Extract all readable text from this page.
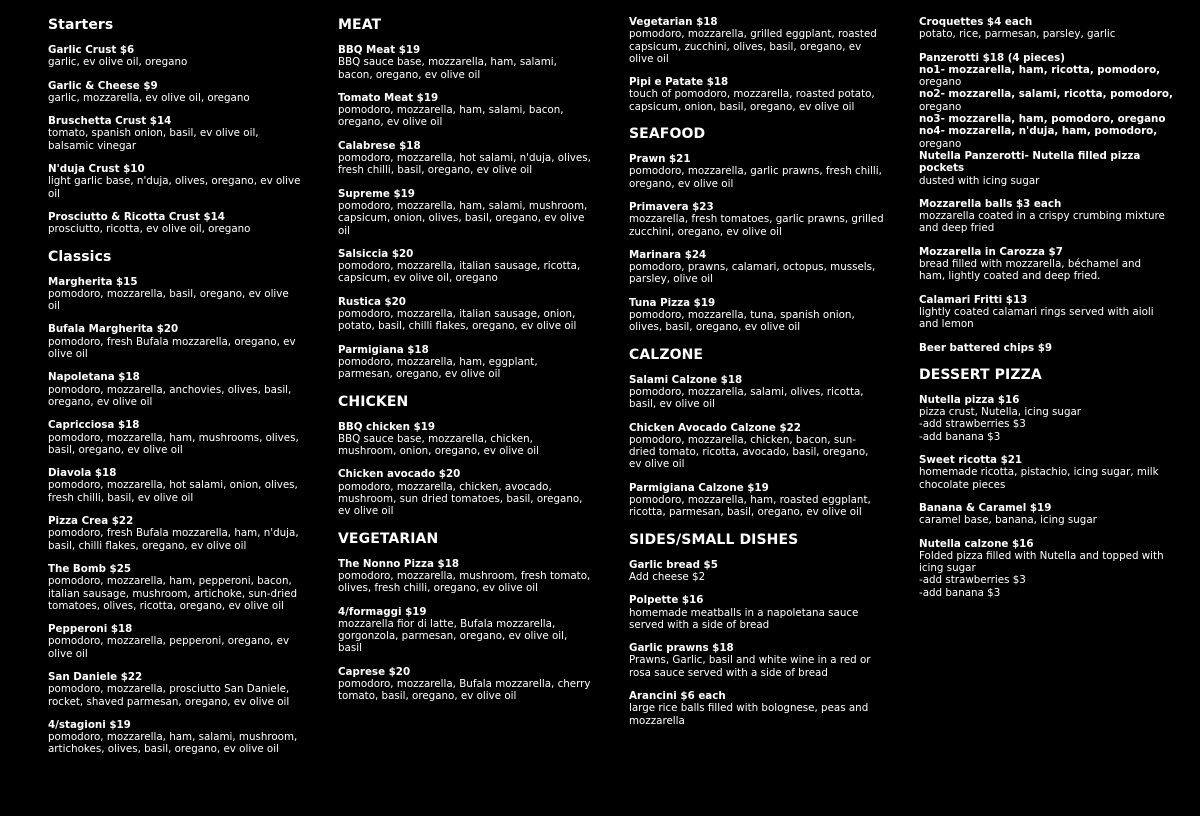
Starters
Garlic Crust $6
garlic, ev olive oil, oregano
Garlic & Cheese $9
garlic, mozzarella, ev olive oil, oregano
Bruschetta Crust $14
tomato, spanish onion, basil, ev olive oil,
balsamic vinegar
N'duja Crust $10
light garlic base, n'duja, olives, oregano, ev olive
oil
Prosciutto & Ricotta Crust $14
prosciutto, ricotta, ev olive oil, oregano
Classics
Margherita $15
pomodoro, mozzarella, basil, oregano, ev olive
oil
Bufala Margherita $20
pomodoro, fresh Bufala mozzarella, oregano, ev
olive oil
Napoletana $18
pomodoro, mozzarella, anchovies, olives, basil,
oregano, ev olive oil
Capricciosa $18
pomodoro, mozzarella, ham, mushrooms, olives,
basil, oregano, ev olive oil
Diavola $18
pomodoro, mozzarella, hot salami, onion, olives,
fresh chilli, basil, ev olive oil
Pizza Crea $22
pomodoro, fresh Bufala mozzarella, ham, n'duja,
basil, chilli flakes, oregano, ev olive oil
The Bomb $25
pomodoro, mozzarella, ham, pepperoni, bacon,
italian sausage, mushroom, artichoke, sun-dried
tomatoes, olives, ricotta, oregano, ev olive oil
Pepperoni $18
pomodoro, mozzarella, pepperoni, oregano, ev
olive oil
San Daniele $22
pomodoro, mozzarella, prosciutto San Daniele,
rocket, shaved parmesan, oregano, ev olive oil
4/stagioni $19
pomodoro, mozzarella, ham, salami, mushroom,
artichokes, olives, basil, oregano, ev olive oil
MEAT
BBQ Meat $19
BBQ sauce base, mozzarella, ham, salami,
bacon, oregano, ev olive oil
Tomato Meat $19
pomodoro, mozzarella, ham, salami, bacon,
oregano, ev olive oil
Calabrese $18
pomodoro, mozzarella, hot salami, n'duja, olives,
fresh chilli, basil, oregano, ev olive oil
Supreme $19
pomodoro, mozzarella, ham, salami, mushroom,
capsicum, onion, olives, basil, oregano, ev olive
oil
Salsiccia $20
pomodoro, mozzarella, italian sausage, ricotta,
capsicum, ev olive oil, oregano
Rustica $20
pomodoro, mozzarella, italian sausage, onion,
potato, basil, chilli flakes, oregano, ev olive oil
Parmigiana $18
pomodoro, mozzarella, ham, eggplant,
parmesan, oregano, ev olive oil
CHICKEN
BBQ chicken $19
BBQ sauce base, mozzarella, chicken,
mushroom, onion, oregano, ev olive oil
Chicken avocado $20
pomodoro, mozzarella, chicken, avocado,
mushroom, sun dried tomatoes, basil, oregano,
ev olive oil
VEGETARIAN
The Nonno Pizza $18
pomodoro, mozzarella, mushroom, fresh tomato,
olives, fresh chilli, oregano, ev olive oil
4/formaggi $19
mozzarella fior di latte, Bufala mozzarella,
gorgonzola, parmesan, oregano, ev olive oil,
basil
Caprese $20
pomodoro, mozzarella, Bufala mozzarella, cherry
tomato, basil, oregano, ev olive oil
Vegetarian $18
pomodoro, mozzarella, grilled eggplant, roasted
capsicum, zucchini, olives, basil, oregano, ev
olive oil
Pipi e Patate $18
touch of pomodoro, mozzarella, roasted potato,
capsicum, onion, basil, oregano, ev olive oil
SEAFOOD
Prawn $21
pomodoro, mozzarella, garlic prawns, fresh chilli,
oregano, ev olive oil
Primavera $23
mozzarella, fresh tomatoes, garlic prawns, grilled
zucchini, oregano, ev olive oil
Marinara $24
pomodoro, prawns, calamari, octopus, mussels,
parsley, olive oil
Tuna Pizza $19
pomodoro, mozzarella, tuna, spanish onion,
olives, basil, oregano, ev olive oil
CALZONE
Salami Calzone $18
pomodoro, mozzarella, salami, olives, ricotta,
basil, ev olive oil
Chicken Avocado Calzone $22
pomodoro, mozzarella, chicken, bacon, sun-
dried tomato, ricotta, avocado, basil, oregano,
ev olive oil
Parmigiana Calzone $19
pomodoro, mozzarella, ham, roasted eggplant,
ricotta, parmesan, basil, oregano, ev olive oil
SIDES/SMALL DISHES
Garlic bread $5
Add cheese $2
Polpette $16
homemade meatballs in a napoletana sauce
served with a side of bread
Garlic prawns $18
Prawns, Garlic, basil and white wine in a red or
rosa sauce served with a side of bread
Arancini $6 each
large rice balls filled with bolognese, peas and
mozzarella
Croquettes $4 each
potato, rice, parmesan, parsley, garlic
Panzerotti $18 (4 pieces)
no1- mozzarella, ham, ricotta, pomodoro,
oregano
no2- mozzarella, salami, ricotta, pomodoro,
oregano
no3- mozzarella, ham, pomodoro, oregano
no4- mozzarella, n'duja, ham, pomodoro,
oregano
Nutella Panzerotti- Nutella filled pizza pockets
dusted with icing sugar
Mozzarella balls $3 each
mozzarella coated in a crispy crumbing mixture
and deep fried
Mozzarella in Carozza $7
bread filled with mozzarella, béchamel and
ham, lightly coated and deep fried.
Calamari Fritti $13
lightly coated calamari rings served with aioli
and lemon
Beer battered chips $9
DESSERT PIZZA
Nutella pizza $16
pizza crust, Nutella, icing sugar
-add strawberries $3
-add banana $3
Sweet ricotta $21
homemade ricotta, pistachio, icing sugar, milk
chocolate pieces
Banana & Caramel $19
caramel base, banana, icing sugar
Nutella calzone $16
Folded pizza filled with Nutella and topped with
icing sugar
-add strawberries $3
-add banana $3
